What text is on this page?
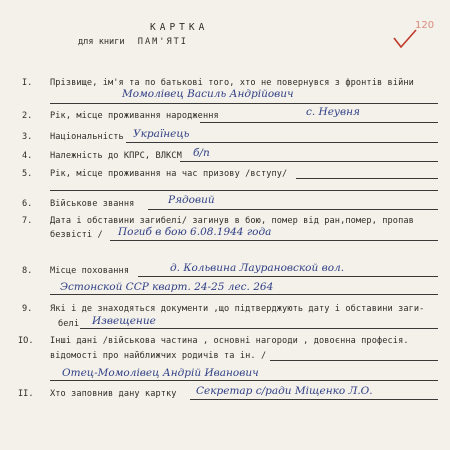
КАРТКА
для книги ПАМ'ЯТІ
120
I. Прізвище, ім'я та по батькові того, хто не повернувся з фронтів війни
Момолівец Василь Андрійович
2. Рік, місце проживання народження	с. Неувня
3. Національність Українець
4. Належність до КПРС, ВЛКСМ б/п
5. Рік, місце проживання на час призову /вступу/
6. Військове звання	Рядовий
7. Дата і обставини загибелі/ загинув в бою, помер від ран,помер, пропав
безвісті / Погиб в бою 6.08.1944 года
8. Місце поховання	д. Кольвина Лаурановской вол.
Эстонской ССР кварт. 24-25 лес. 264
9. Які і де знаходяться документи ,що підтверджують дату і обставини заги-
белі Извещение
IO. Інші дані /військова частина , основні нагороди , довоєнна професія.
відомості про найближчих родичів та ін. /
Отец-Момолівец Андрій Иванович
II. Хто заповнив дану картку Секретар с/ради Міщенко Л.О.
